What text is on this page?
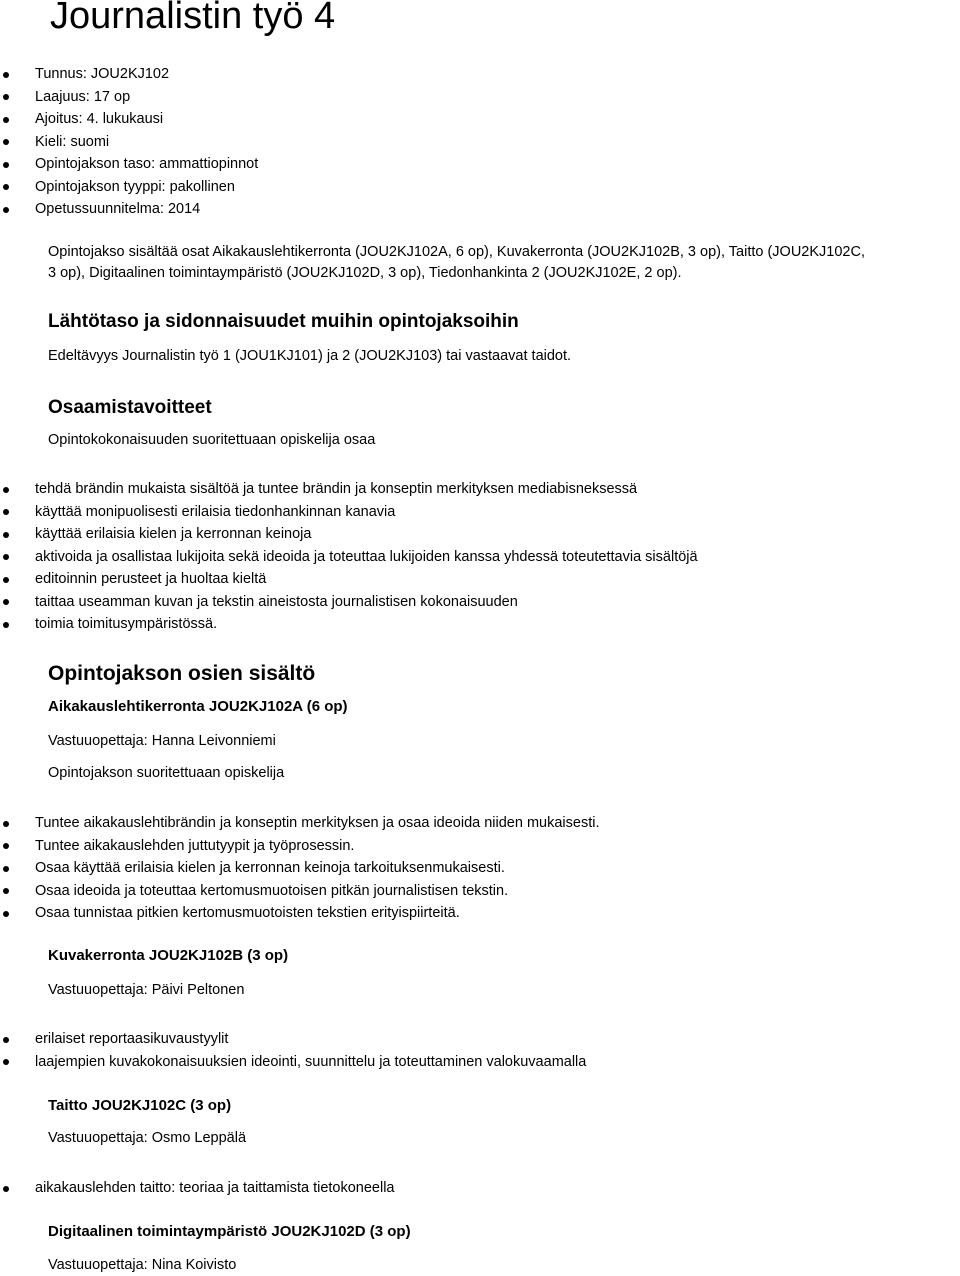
Journalistin työ 4
Tunnus: JOU2KJ102
Laajuus: 17 op
Ajoitus: 4. lukukausi
Kieli: suomi
Opintojakson taso: ammattiopinnot
Opintojakson tyyppi: pakollinen
Opetussuunnitelma: 2014

Opintojakso sisältää osat Aikakauslehtikerronta (JOU2KJ102A, 6 op), Kuvakerronta (JOU2KJ102B, 3 op), Taitto (JOU2KJ102C,

3 op), Digitaalinen toimintaympäristö (JOU2KJ102D, 3 op), Tiedonhankinta 2 (JOU2KJ102E, 2 op).

Lähtötaso ja sidonnaisuudet muihin opintojaksoihin

Edeltävyys Journalistin työ 1 (JOU1KJ101) ja 2 (JOU2KJ103) tai vastaavat taidot.

Osaamistavoitteet

Opintokokonaisuuden suoritettuaan opiskelija osaa

tehdä brändin mukaista sisältöä ja tuntee brändin ja konseptin merkityksen mediabisneksessä
käyttää monipuolisesti erilaisia tiedonhankinnan kanavia
käyttää erilaisia kielen ja kerronnan keinoja
aktivoida ja osallistaa lukijoita sekä ideoida ja toteuttaa lukijoiden kanssa yhdessä toteutettavia sisältöjä
editoinnin perusteet ja huoltaa kieltä
taittaa useamman kuvan ja tekstin aineistosta journalistisen kokonaisuuden
toimia toimitusympäristössä.
Opintojakson osien sisältö
Aikakauslehtikerronta JOU2KJ102A (6 op)

Vastuuopettaja: Hanna Leivonniemi

Opintojakson suoritettuaan opiskelija

Tuntee aikakauslehtibrändin ja konseptin merkityksen ja osaa ideoida niiden mukaisesti.
Tuntee aikakauslehden juttutyypit ja työprosessin.
Osaa käyttää erilaisia kielen ja kerronnan keinoja tarkoituksenmukaisesti.
Osaa ideoida ja toteuttaa kertomusmuotoisen pitkän journalistisen tekstin.
Osaa tunnistaa pitkien kertomusmuotoisten tekstien erityispiirteitä.
Kuvakerronta JOU2KJ102B (3 op)

Vastuuopettaja: Päivi Peltonen

erilaiset reportaasikuvaustyylit
laajempien kuvakokonaisuuksien ideointi, suunnittelu ja toteuttaminen valokuvaamalla
Taitto JOU2KJ102C (3 op)

Vastuuopettaja: Osmo Leppälä

aikakauslehden taitto: teoriaa ja taittamista tietokoneella
Digitaalinen toimintaympäristö JOU2KJ102D (3 op)

Vastuuopettaja: Nina Koivisto
